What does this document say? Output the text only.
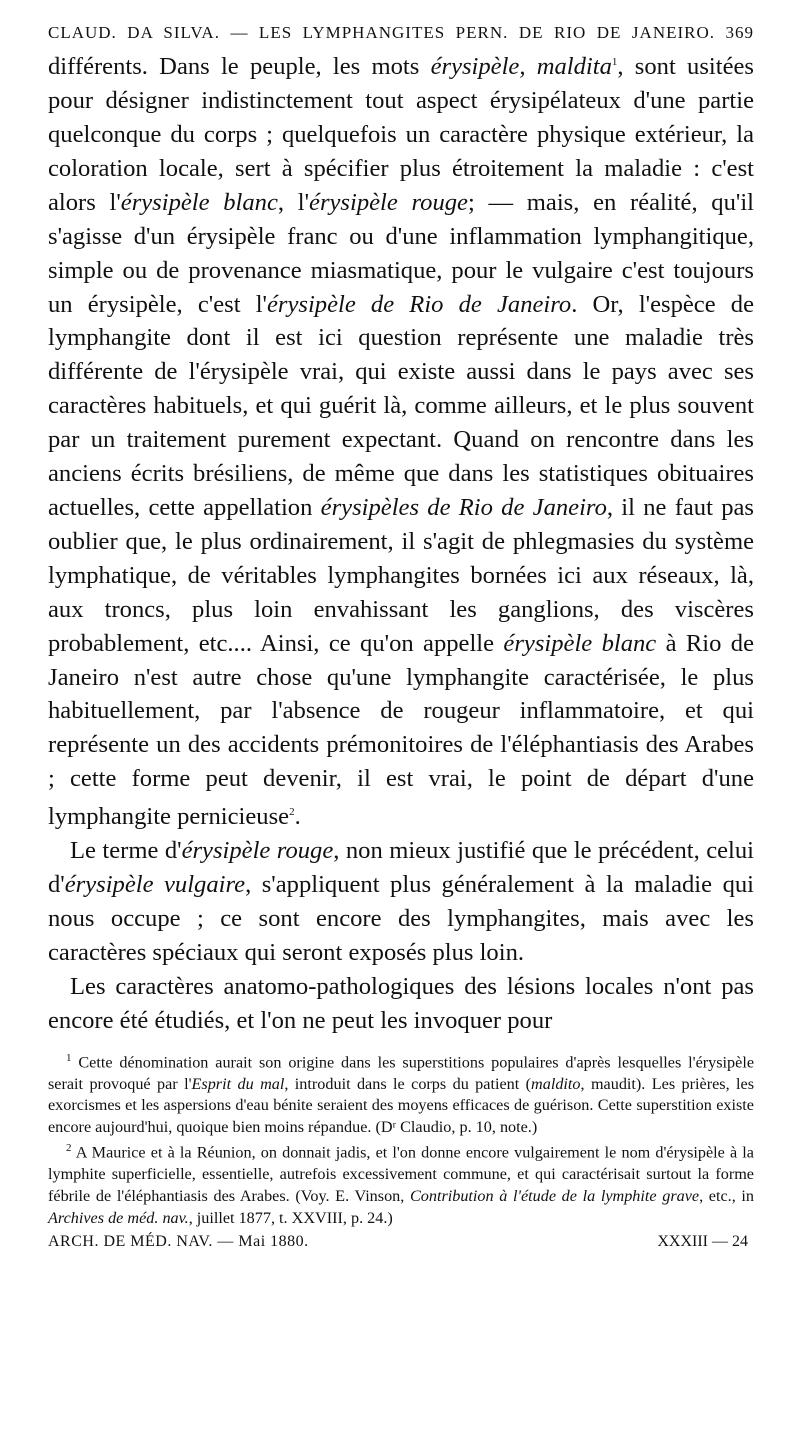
CLAUD. DA SILVA. — LES LYMPHANGITES PERN. DE RIO DE JANEIRO. 369

différents. Dans le peuple, les mots érysipèle, maldita$^1$, sont usitées pour désigner indistinctement tout aspect érysipélateux d'une partie quelconque du corps ; quelquefois un caractère physique extérieur, la coloration locale, sert à spécifier plus étroitement la maladie : c'est alors l'érysipèle blanc, l'érysipèle rouge; — mais, en réalité, qu'il s'agisse d'un érysipèle franc ou d'une inflammation lymphangitique, simple ou de provenance miasmatique, pour le vulgaire c'est toujours un érysipèle, c'est l'érysipèle de Rio de Janeiro. Or, l'espèce de lymphangite dont il est ici question représente une maladie très différente de l'érysipèle vrai, qui existe aussi dans le pays avec ses caractères habituels, et qui guérit là, comme ailleurs, et le plus souvent par un traitement purement expectant. Quand on rencontre dans les anciens écrits brésiliens, de même que dans les statistiques obituaires actuelles, cette appellation érysipèles de Rio de Janeiro, il ne faut pas oublier que, le plus ordinairement, il s'agit de phlegmasies du système lymphatique, de véritables lymphangites bornées ici aux réseaux, là, aux troncs, plus loin envahissant les ganglions, des viscères probablement, etc.... Ainsi, ce qu'on appelle érysipèle blanc à Rio de Janeiro n'est autre chose qu'une lymphangite caractérisée, le plus habituellement, par l'absence de rougeur inflammatoire, et qui représente un des accidents prémonitoires de l'éléphantiasis des Arabes ; cette forme peut devenir, il est vrai, le point de départ d'une lymphangite pernicieuse$^2$.

Le terme d'érysipèle rouge, non mieux justifié que le précédent, celui d'érysipèle vulgaire, s'appliquent plus généralement à la maladie qui nous occupe ; ce sont encore des lymphangites, mais avec les caractères spéciaux qui seront exposés plus loin.

Les caractères anatomo-pathologiques des lésions locales n'ont pas encore été étudiés, et l'on ne peut les invoquer pour

$^1$ Cette dénomination aurait son origine dans les superstitions populaires d'après lesquelles l'érysipèle serait provoqué par l'Esprit du mal, introduit dans le corps du patient (maldito, maudit). Les prières, les exorcismes et les aspersions d'eau bénite seraient des moyens efficaces de guérison. Cette superstition existe encore aujourd'hui, quoique bien moins répandue. (Dʳ Claudio, p. 10, note.)

$^2$ A Maurice et à la Réunion, on donnait jadis, et l'on donne encore vulgairement le nom d'érysipèle à la lymphite superficielle, essentielle, autrefois excessivement commune, et qui caractérisait surtout la forme fébrile de l'éléphantiasis des Arabes. (Voy. E. Vinson, Contribution à l'étude de la lymphite grave, etc., in Archives de méd. nav., juillet 1877, t. XXVIII, p. 24.)

ARCH. DE MÉD. NAV. — Mai 1880.	XXXIII — 24
